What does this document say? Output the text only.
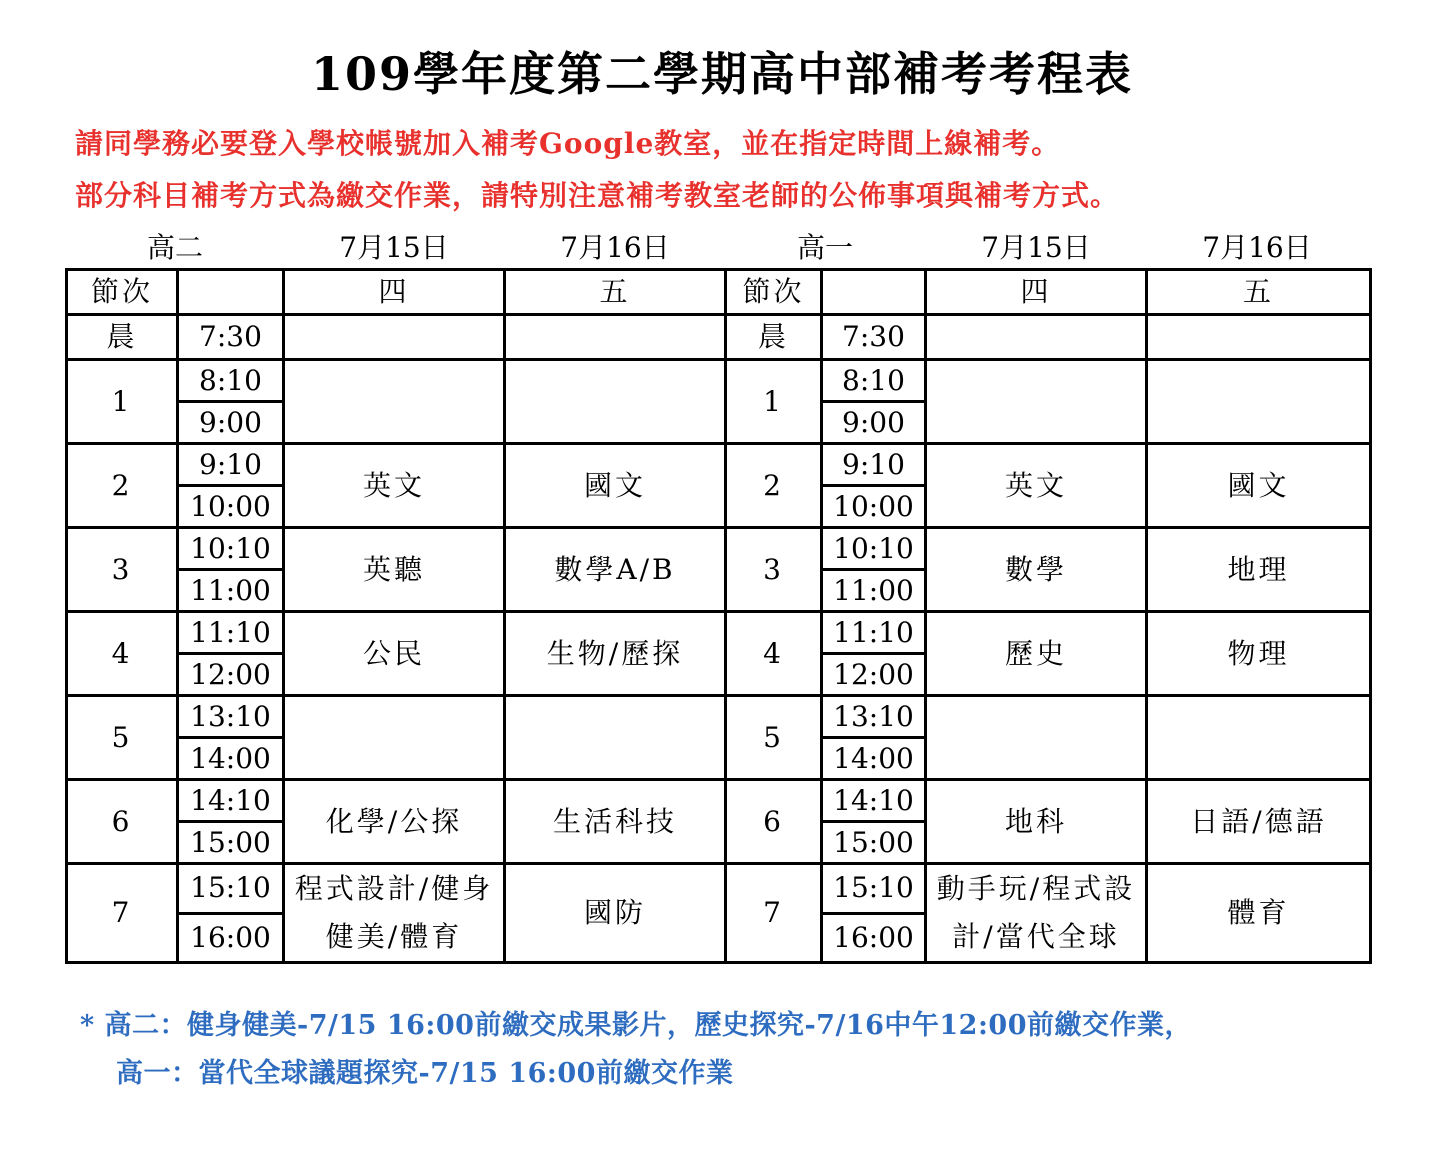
109學年度第二學期高中部補考考程表
請同學務必要登入學校帳號加入補考Google教室，並在指定時間上線補考。
部分科目補考方式為繳交作業，請特別注意補考教室老師的公佈事項與補考方式。
高二	7月15日	7月16日	高一	7月15日	7月16日
節次		四	五	節次		四	五
晨	7:30			晨	7:30		
1	8:10			1	8:10		
	9:00				9:00		
2	9:10	英文	國文	2	9:10	英文	國文
	10:00				10:00		
3	10:10	英聽	數學A/B	3	10:10	數學	地理
	11:00				11:00		
4	11:10	公民	生物/歷探	4	11:10	歷史	物理
	12:00				12:00		
5	13:10			5	13:10		
	14:00				14:00		
6	14:10	化學/公探	生活科技	6	14:10	地科	日語/德語
	15:00				15:00		
7	15:10	程式設計/健身健美/體育	國防	7	15:10	動手玩/程式設計/當代全球	體育
	16:00				16:00		
* 高二：健身健美-7/15 16:00前繳交成果影片，歷史探究-7/16中午12:00前繳交作業，
高一：當代全球議題探究-7/15 16:00前繳交作業
